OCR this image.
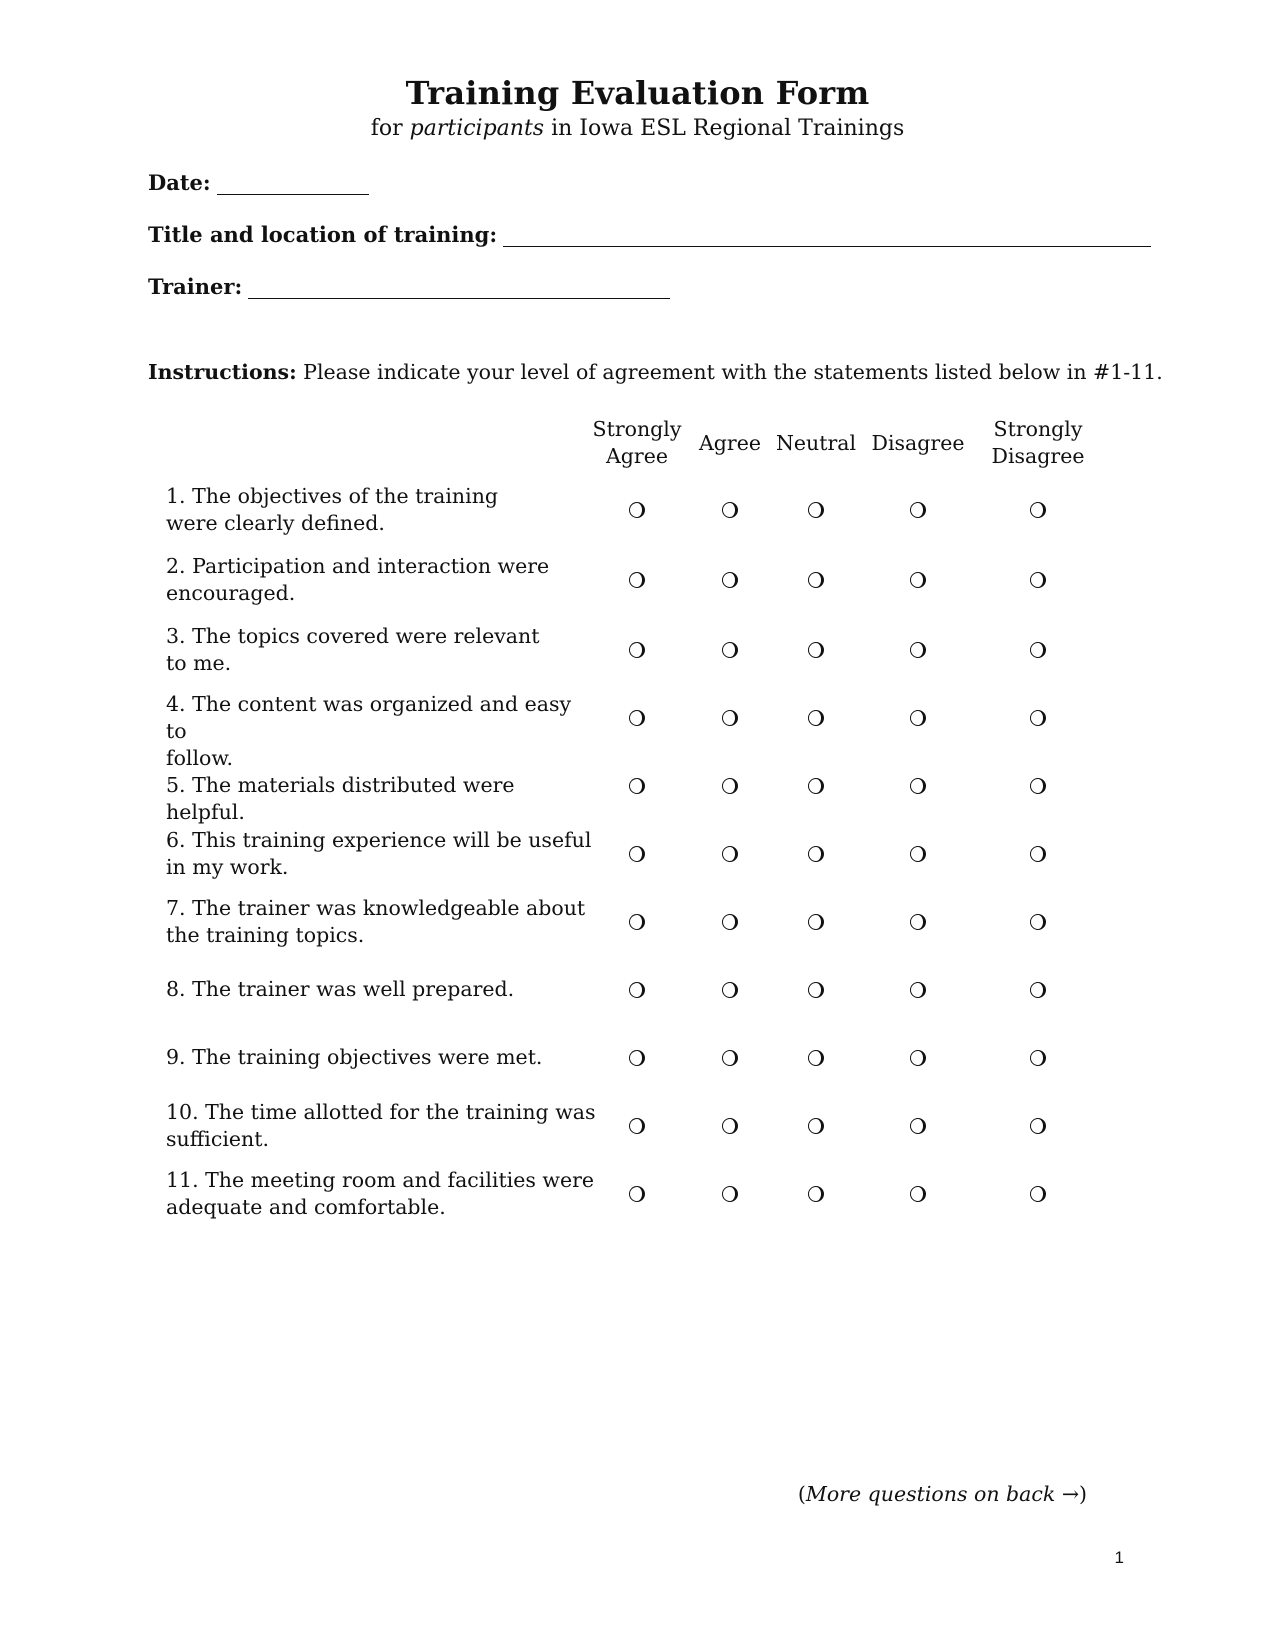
Training Evaluation Form
for participants in Iowa ESL Regional Trainings
Date:
Title and location of training:
Trainer:
Instructions: Please indicate your level of agreement with the statements listed below in #1-11.
Strongly
Agree
Agree Neutral Disagree
Strongly
Disagree
1. The objectives of the training
were clearly defined.
2. Participation and interaction were
encouraged.
3. The topics covered were relevant
to me.
4. The content was organized and easy to
follow.
5. The materials distributed were helpful.
6. This training experience will be useful
in my work.
7. The trainer was knowledgeable about
the training topics.
8. The trainer was well prepared.
9. The training objectives were met.
10. The time allotted for the training was
sufficient.
11. The meeting room and facilities were
adequate and comfortable.
(More questions on back →)
1
